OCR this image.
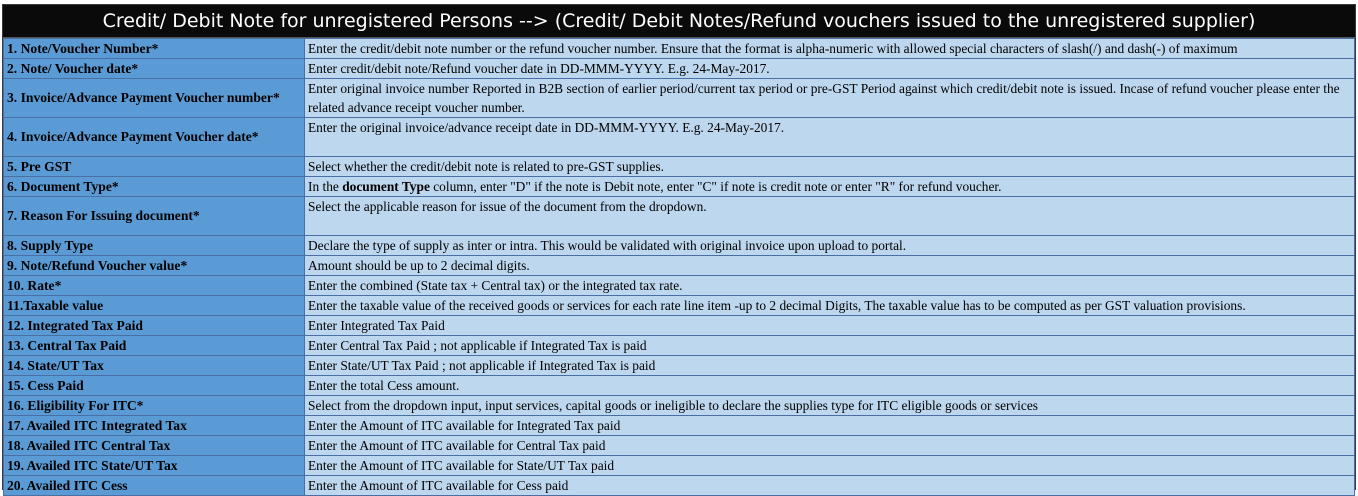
Credit/ Debit Note for unregistered Persons --> (Credit/ Debit Notes/Refund vouchers issued to the unregistered supplier)
1. Note/Voucher Number*	Enter the credit/debit note number or the refund voucher number. Ensure that the format is alpha-numeric with allowed special characters of slash(/) and dash(-) of maximum
2. Note/ Voucher date*	Enter credit/debit note/Refund voucher date in DD-MMM-YYYY. E.g. 24-May-2017.
3. Invoice/Advance Payment Voucher number*	Enter original invoice number Reported in B2B section of earlier period/current tax period or pre-GST Period against which credit/debit note is issued. Incase of refund voucher please enter the related advance receipt voucher number.
4. Invoice/Advance Payment Voucher date*	Enter the original invoice/advance receipt date in DD-MMM-YYYY. E.g. 24-May-2017.
5. Pre GST	Select whether the credit/debit note is related to pre-GST supplies.
6. Document Type*	In the document Type column, enter "D" if the note is Debit note, enter "C" if note is credit note or enter "R" for refund voucher.
7. Reason For Issuing document*	Select the applicable reason for issue of the document from the dropdown.
8. Supply Type	Declare the type of supply as inter or intra. This would be validated with original invoice upon upload to portal.
9. Note/Refund Voucher value*	Amount should be up to 2 decimal digits.
10. Rate*	Enter the combined (State tax + Central tax) or the integrated tax rate.
11.Taxable value	Enter the taxable value of the received goods or services for each rate line item -up to 2 decimal Digits, The taxable value has to be computed as per GST valuation provisions.
12. Integrated Tax Paid	Enter Integrated Tax Paid
13. Central Tax Paid	Enter Central Tax Paid ; not applicable if Integrated Tax is paid
14. State/UT Tax	Enter State/UT Tax Paid ; not applicable if Integrated Tax is paid
15. Cess Paid	Enter the total Cess amount.
16. Eligibility For ITC*	Select from the dropdown input, input services, capital goods or ineligible to declare the supplies type for ITC eligible goods or services
17. Availed ITC Integrated Tax	Enter the Amount of ITC available for Integrated Tax paid
18. Availed ITC Central Tax	Enter the Amount of ITC available for Central Tax paid
19. Availed ITC State/UT Tax	Enter the Amount of ITC available for State/UT Tax paid
20. Availed ITC Cess	Enter the Amount of ITC available for Cess paid
